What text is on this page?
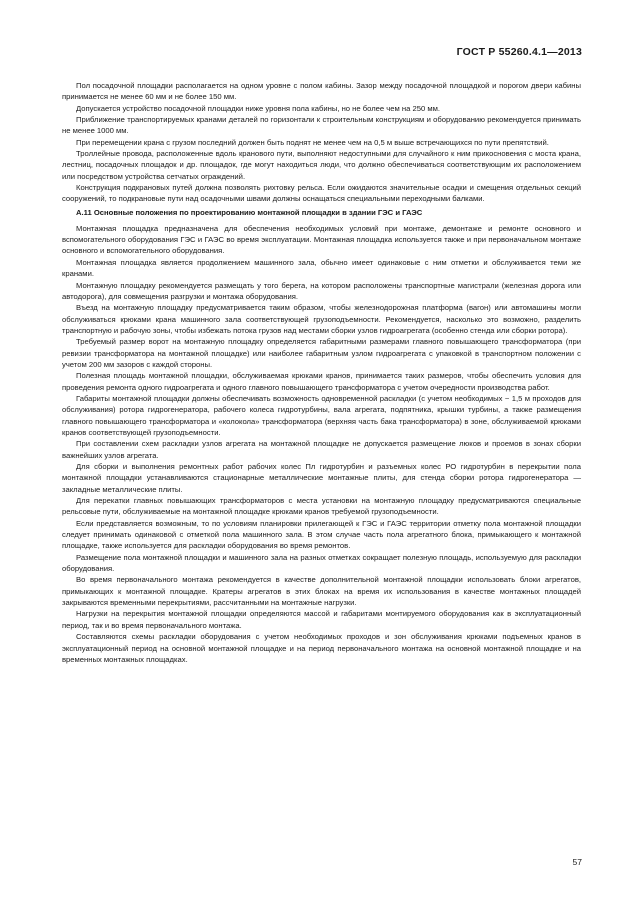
ГОСТ Р 55260.4.1—2013

Пол посадочной площадки располагается на одном уровне с полом кабины. Зазор между посадочной площадкой и порогом двери кабины принимается не менее 60 мм и не более 150 мм.

Допускается устройство посадочной площадки ниже уровня пола кабины, но не более чем на 250 мм.

Приближение транспортируемых кранами деталей по горизонтали к строительным конструкциям и оборудованию рекомендуется принимать не менее 1000 мм.

При перемещении крана с грузом последний должен быть поднят не менее чем на 0,5 м выше встречающихся по пути препятствий.

Троллейные провода, расположенные вдоль кранового пути, выполняют недоступными для случайного к ним прикосновения с моста крана, лестниц, посадочных площадок и др. площадок, где могут находиться люди, что должно обеспечиваться соответствующим их расположением или посредством устройства сетчатых ограждений.

Конструкция подкрановых путей должна позволять рихтовку рельса. Если ожидаются значительные осадки и смещения отдельных секций сооружений, то подкрановые пути над осадочными швами должны оснащаться специальными переходными балками.

А.11 Основные положения по проектированию монтажной площадки в здании ГЭС и ГАЭС

Монтажная площадка предназначена для обеспечения необходимых условий при монтаже, демонтаже и ремонте основного и вспомогательного оборудования ГЭС и ГАЭС во время эксплуатации. Монтажная площадка используется также и при первоначальном монтаже основного и вспомогательного оборудования.

Монтажная площадка является продолжением машинного зала, обычно имеет одинаковые с ним отметки и обслуживается теми же кранами.

Монтажную площадку рекомендуется размещать у того берега, на котором расположены транспортные магистрали (железная дорога или автодорога), для совмещения разгрузки и монтажа оборудования.

Въезд на монтажную площадку предусматривается таким образом, чтобы железнодорожная платформа (вагон) или автомашины могли обслуживаться крюками крана машинного зала соответствующей грузоподъемности. Рекомендуется, насколько это возможно, разделить транспортную и рабочую зоны, чтобы избежать потока грузов над местами сборки узлов гидроагрегата (особенно стенда или сборки ротора).

Требуемый размер ворот на монтажную площадку определяется габаритными размерами главного повышающего трансформатора (при ревизии трансформатора на монтажной площадке) или наиболее габаритным узлом гидроагрегата с упаковкой в транспортном положении с учетом 200 мм зазоров с каждой стороны.

Полезная площадь монтажной площадки, обслуживаемая крюками кранов, принимается таких размеров, чтобы обеспечить условия для проведения ремонта одного гидроагрегата и одного главного повышающего трансформатора с учетом очередности производства работ.

Габариты монтажной площадки должны обеспечивать возможность одновременной раскладки (с учетом необходимых ~ 1,5 м проходов для обслуживания) ротора гидрогенератора, рабочего колеса гидротурбины, вала агрегата, подпятника, крышки турбины, а также размещения главного повышающего трансформатора и «колокола» трансформатора (верхняя часть бака трансформатора) в зоне, обслуживаемой крюками кранов соответствующей грузоподъемности.

При составлении схем раскладки узлов агрегата на монтажной площадке не допускается размещение люков и проемов в зонах сборки важнейших узлов агрегата.

Для сборки и выполнения ремонтных работ рабочих колес Пл гидротурбин и разъемных колес РО гидротурбин в перекрытии пола монтажной площадки устанавливаются стационарные металлические монтажные плиты, для стенда сборки ротора гидрогенератора — закладные металлические плиты.

Для перекатки главных повышающих трансформаторов с места установки на монтажную площадку предусматриваются специальные рельсовые пути, обслуживаемые на монтажной площадке крюками кранов требуемой грузоподъемности.

Если представляется возможным, то по условиям планировки прилегающей к ГЭС и ГАЭС территории отметку пола монтажной площадки следует принимать одинаковой с отметкой пола машинного зала. В этом случае часть пола агрегатного блока, примыкающего к монтажной площадке, также используется для раскладки оборудования во время ремонтов.

Размещение пола монтажной площадки и машинного зала на разных отметках сокращает полезную площадь, используемую для раскладки оборудования.

Во время первоначального монтажа рекомендуется в качестве дополнительной монтажной площадки использовать блоки агрегатов, примыкающих к монтажной площадке. Кратеры агрегатов в этих блоках на время их использования в качестве монтажных площадей закрываются временными перекрытиями, рассчитанными на монтажные нагрузки.

Нагрузки на перекрытия монтажной площадки определяются массой и габаритами монтируемого оборудования как в эксплуатационный период, так и во время первоначального монтажа.

Составляются схемы раскладки оборудования с учетом необходимых проходов и зон обслуживания крюками подъемных кранов в эксплуатационный период на основной монтажной площадке и на период первоначального монтажа на основной монтажной площадке и на временных монтажных площадках.

57
